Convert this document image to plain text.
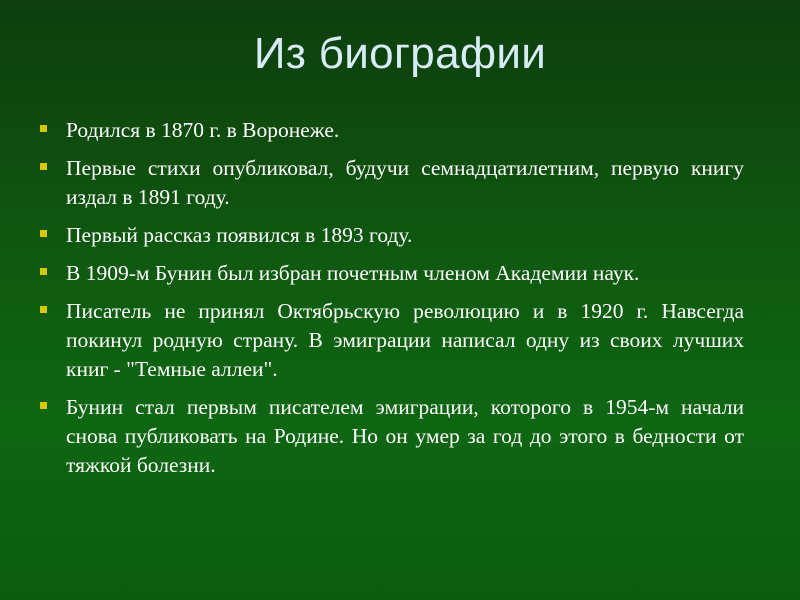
Из биографии
Родился в 1870 г. в Воронеже.
Первые стихи опубликовал, будучи семнадцатилетним, первую книгу издал в 1891 году.
Первый рассказ появился в 1893 году.
В 1909-м Бунин был избран почетным членом Академии наук.
Писатель не принял Октябрьскую революцию и в 1920 г. Навсегда покинул родную страну. В эмиграции написал одну из своих лучших книг - "Темные аллеи".
Бунин стал первым писателем эмиграции, которого в 1954-м начали снова публиковать на Родине. Но он умер за год до этого в бедности от тяжкой болезни.
